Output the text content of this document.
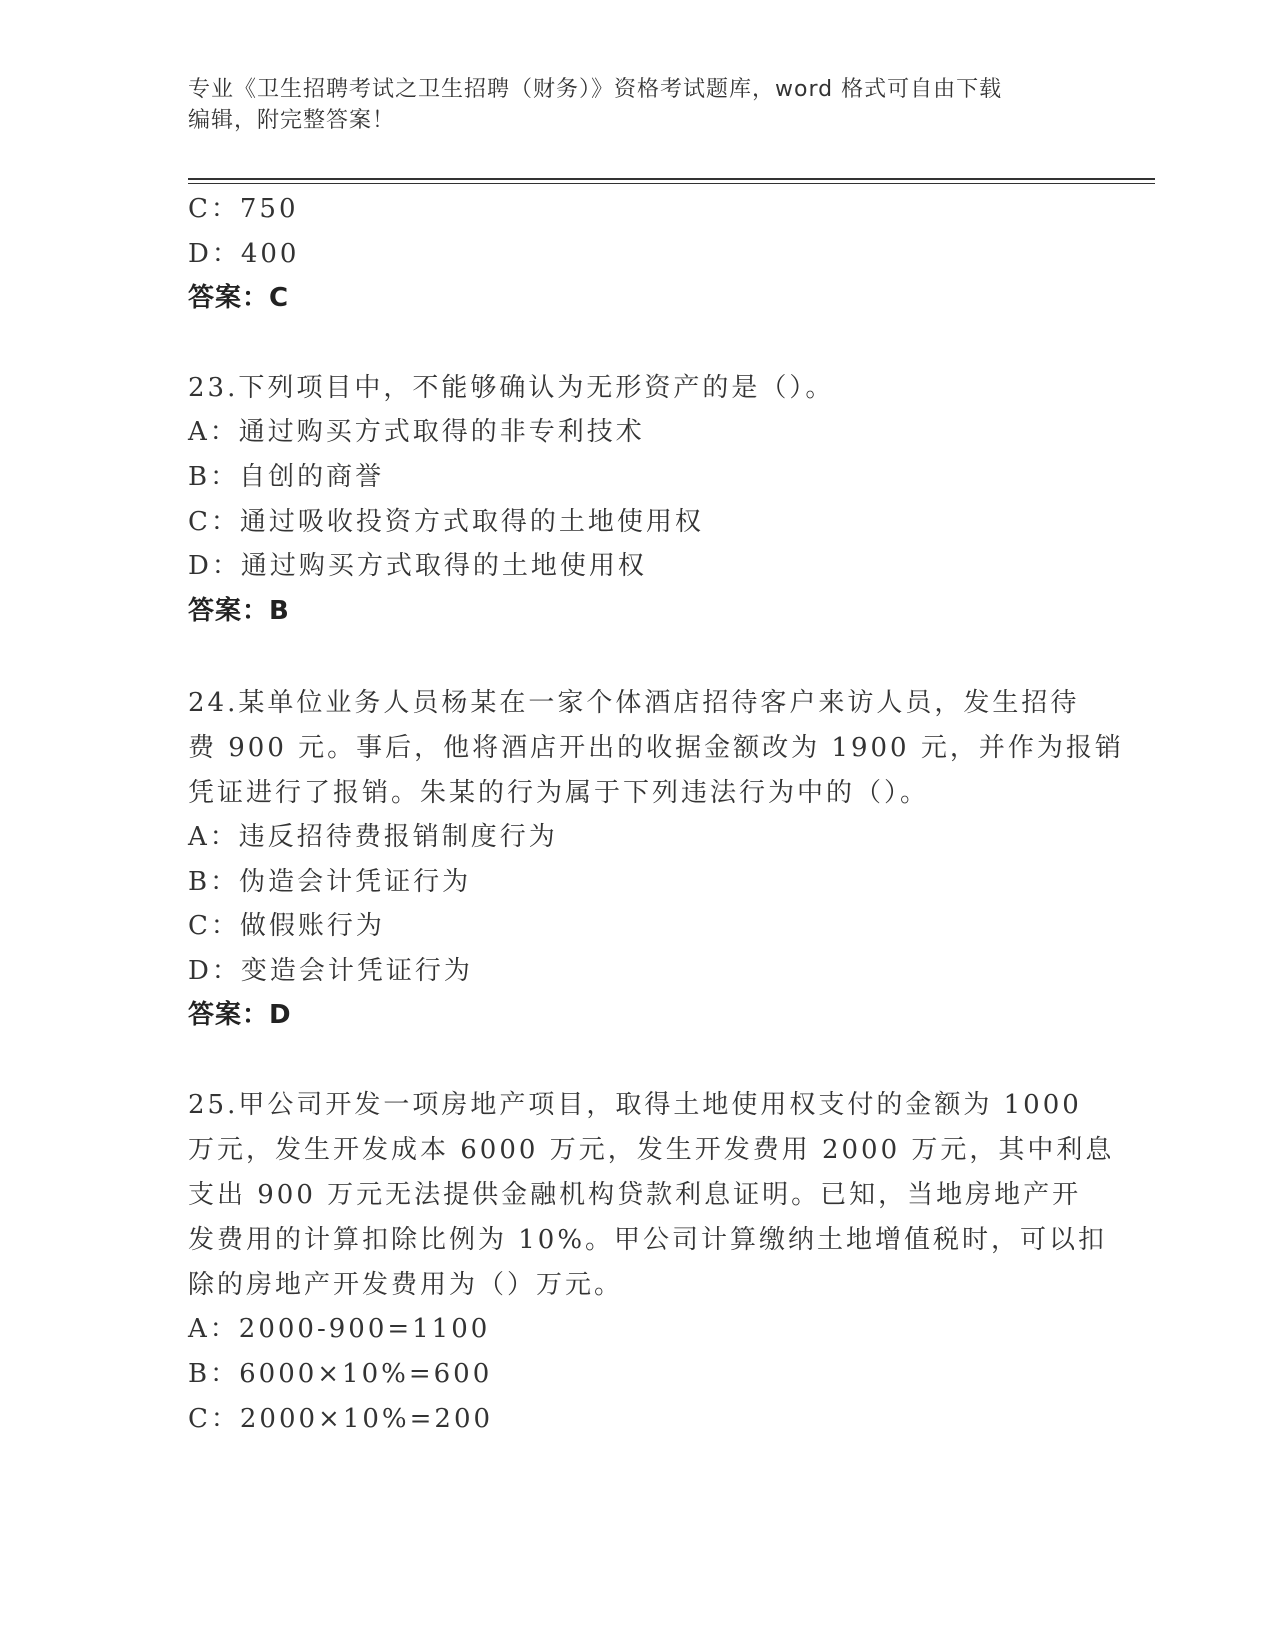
专业《卫生招聘考试之卫生招聘（财务）》资格考试题库，word 格式可自由下载
编辑，附完整答案！
C：750
D：400
答案：C
23.下列项目中，不能够确认为无形资产的是（）。
A：通过购买方式取得的非专利技术
B：自创的商誉
C：通过吸收投资方式取得的土地使用权
D：通过购买方式取得的土地使用权
答案：B
24.某单位业务人员杨某在一家个体酒店招待客户来访人员，发生招待
费 900 元。事后，他将酒店开出的收据金额改为 1900 元，并作为报销
凭证进行了报销。朱某的行为属于下列违法行为中的（）。
A：违反招待费报销制度行为
B：伪造会计凭证行为
C：做假账行为
D：变造会计凭证行为
答案：D
25.甲公司开发一项房地产项目，取得土地使用权支付的金额为 1000
万元，发生开发成本 6000 万元，发生开发费用 2000 万元，其中利息
支出 900 万元无法提供金融机构贷款利息证明。已知，当地房地产开
发费用的计算扣除比例为 10%。甲公司计算缴纳土地增值税时，可以扣
除的房地产开发费用为（）万元。
A：2000-900=1100
B：6000×10%=600
C：2000×10%=200
